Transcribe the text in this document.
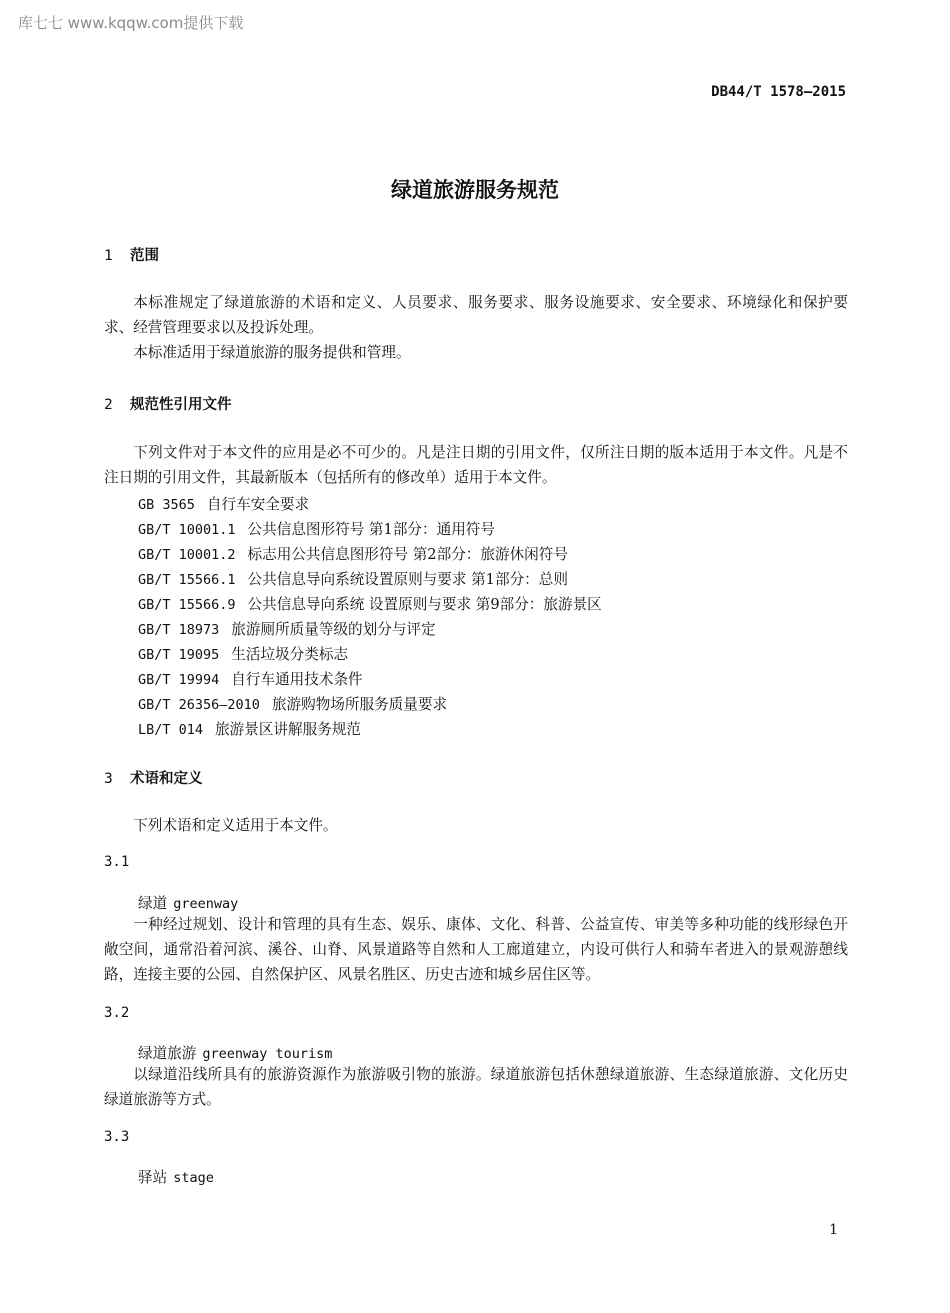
库七七 www.kqqw.com提供下载
DB44/T 1578—2015
绿道旅游服务规范
1 范围

本标准规定了绿道旅游的术语和定义、人员要求、服务要求、服务设施要求、安全要求、环境绿化和保护要求、经营管理要求以及投诉处理。

本标准适用于绿道旅游的服务提供和管理。

2 规范性引用文件

下列文件对于本文件的应用是必不可少的。凡是注日期的引用文件，仅所注日期的版本适用于本文件。凡是不注日期的引用文件，其最新版本（包括所有的修改单）适用于本文件。

GB 3565 自行车安全要求
GB/T 10001.1 公共信息图形符号 第1部分：通用符号
GB/T 10001.2 标志用公共信息图形符号 第2部分：旅游休闲符号
GB/T 15566.1 公共信息导向系统设置原则与要求 第1部分：总则
GB/T 15566.9 公共信息导向系统 设置原则与要求 第9部分：旅游景区
GB/T 18973 旅游厕所质量等级的划分与评定
GB/T 19095 生活垃圾分类标志
GB/T 19994 自行车通用技术条件
GB/T 26356—2010 旅游购物场所服务质量要求
LB/T 014 旅游景区讲解服务规范
3 术语和定义

下列术语和定义适用于本文件。

3.1
绿道 greenway

一种经过规划、设计和管理的具有生态、娱乐、康体、文化、科普、公益宣传、审美等多种功能的线形绿色开敞空间，通常沿着河滨、溪谷、山脊、风景道路等自然和人工廊道建立，内设可供行人和骑车者进入的景观游憩线路，连接主要的公园、自然保护区、风景名胜区、历史古迹和城乡居住区等。

3.2
绿道旅游 greenway tourism

以绿道沿线所具有的旅游资源作为旅游吸引物的旅游。绿道旅游包括休憩绿道旅游、生态绿道旅游、文化历史绿道旅游等方式。

3.3
驿站 stage
1
